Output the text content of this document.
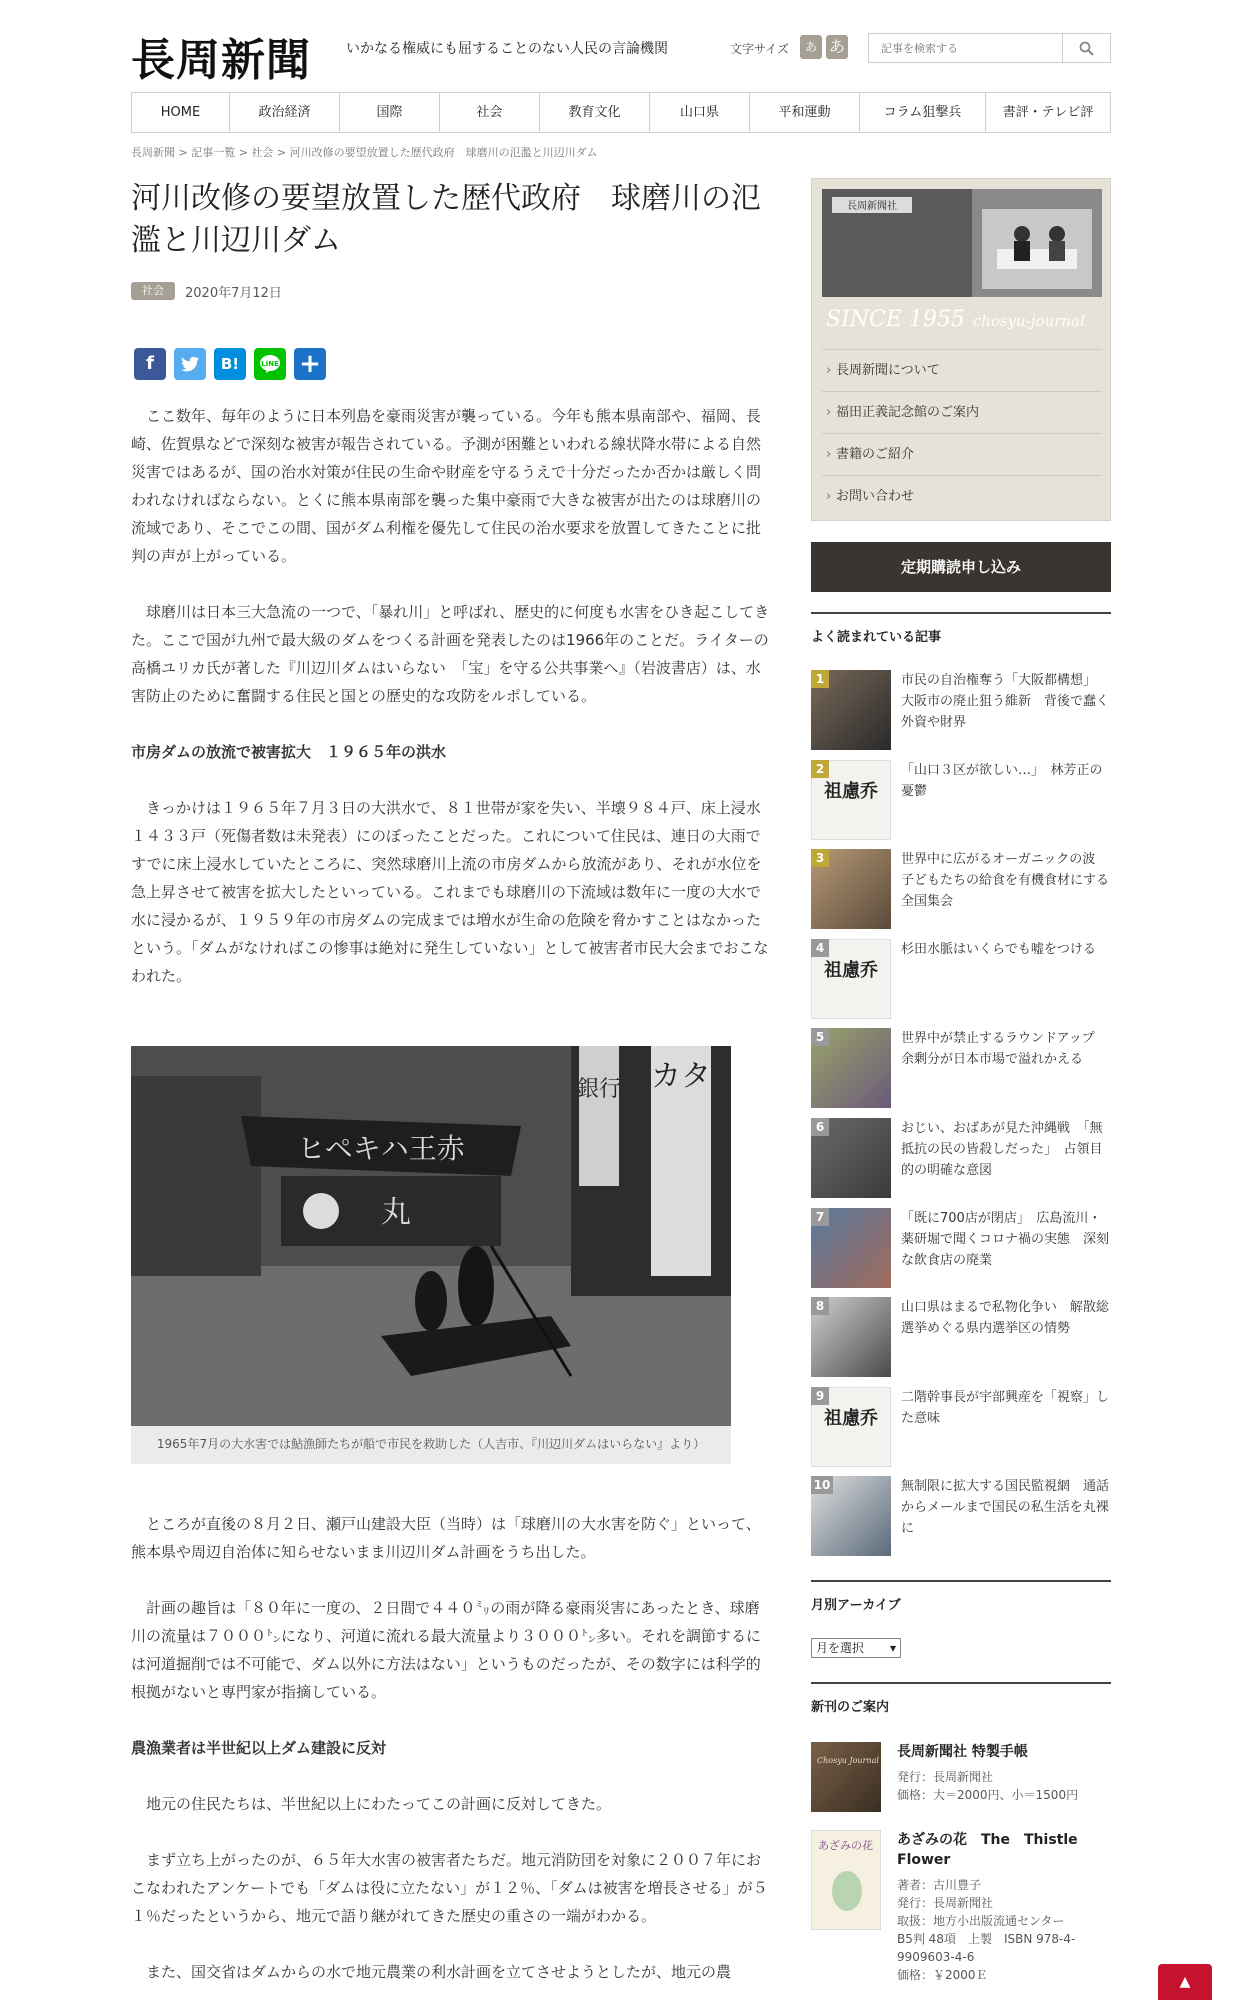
長周新聞	いかなる権威にも屈することのない人民の言論機関	文字サイズ	あ あ
記事を検索する
HOME	政治経済	国際	社会	教育文化	山口県	平和運動	コラム狙撃兵	書評・テレビ評
長周新聞 > 記事一覧 > 社会 > 河川改修の要望放置した歴代政府　球磨川の氾濫と川辺川ダム
河川改修の要望放置した歴代政府　球磨川の氾濫と川辺川ダム
社会	2020年7月12日
f	B!	LINE +

ここ数年、毎年のように日本列島を豪雨災害が襲っている。今年も熊本県南部や、福岡、長崎、佐賀県などで深刻な被害が報告されている。予測が困難といわれる線状降水帯による自然災害ではあるが、国の治水対策が住民の生命や財産を守るうえで十分だったか否かは厳しく問われなければならない。とくに熊本県南部を襲った集中豪雨で大きな被害が出たのは球磨川の流域であり、そこでこの間、国がダム利権を優先して住民の治水要求を放置してきたことに批判の声が上がっている。

球磨川は日本三大急流の一つで、「暴れ川」と呼ばれ、歴史的に何度も水害をひき起こしてきた。ここで国が九州で最大級のダムをつくる計画を発表したのは1966年のことだ。ライターの高橋ユリカ氏が著した『川辺川ダムはいらない　「宝」を守る公共事業へ』（岩波書店）は、水害防止のために奮闘する住民と国との歴史的な攻防をルポしている。

市房ダムの放流で被害拡大　１９６５年の洪水

きっかけは１９６５年７月３日の大洪水で、８１世帯が家を失い、半壊９８４戸、床上浸水１４３３戸（死傷者数は未発表）にのぼったことだった。これについて住民は、連日の大雨ですでに床上浸水していたところに、突然球磨川上流の市房ダムから放流があり、それが水位を急上昇させて被害を拡大したといっている。これまでも球磨川の下流域は数年に一度の大水で水に浸かるが、１９５９年の市房ダムの完成までは増水が生命の危険を脅かすことはなかったという。「ダムがなければこの惨事は絶対に発生していない」として被害者市民大会までおこなわれた。

カタ
銀行
ヒペキハ王赤
丸
1965年7月の大水害では鮎漁師たちが船で市民を救助した（人吉市、『川辺川ダムはいらない』より）

ところが直後の８月２日、瀬戸山建設大臣（当時）は「球磨川の大水害を防ぐ」といって、熊本県や周辺自治体に知らせないまま川辺川ダム計画をうち出した。

計画の趣旨は「８０年に一度の、２日間で４４０㍉の雨が降る豪雨災害にあったとき、球磨川の流量は７０００㌧になり、河道に流れる最大流量より３０００㌧多い。それを調節するには河道掘削では不可能で、ダム以外に方法はない」というものだったが、その数字には科学的根拠がないと専門家が指摘している。

農漁業者は半世紀以上ダム建設に反対

地元の住民たちは、半世紀以上にわたってこの計画に反対してきた。

まず立ち上がったのが、６５年大水害の被害者たちだ。地元消防団を対象に２００７年におこなわれたアンケートでも「ダムは役に立たない」が１２％、「ダムは被害を増長させる」が５１％だったというから、地元で語り継がれてきた歴史の重さの一端がわかる。

また、国交省はダムからの水で地元農業の利水計画を立てさせようとしたが、地元の農

長周新聞社
SINCE 1955 chosyu-journal
› 長周新聞について
› 福田正義記念館のご案内
› 書籍のご紹介
› お問い合わせ
定期購読申し込み
よく読まれている記事
1	市民の自治権奪う「大阪都構想」　大阪市の廃止狙う維新　背後で蠢く外資や財界
祖慮乔
2	「山口３区が欲しい…」　林芳正の憂鬱
3	世界中に広がるオーガニックの波　子どもたちの給食を有機食材にする全国集会
祖慮乔
4	杉田水脈はいくらでも嘘をつける
5	世界中が禁止するラウンドアップ　余剰分が日本市場で溢れかえる
6	おじい、おばあが見た沖縄戦　「無抵抗の民の皆殺しだった」　占領目的の明確な意図
7	「既に700店が閉店」　広島流川・薬研堀で聞くコロナ禍の実態　深刻な飲食店の廃業
8	山口県はまるで私物化争い　解散総選挙めぐる県内選挙区の情勢
祖慮乔
9	二階幹事長が宇部興産を「視察」した意味
10	無制限に拡大する国民監視網　通話からメールまで国民の私生活を丸裸に
月別アーカイブ
月を選択 ▾
新刊のご案内
Chosyu Journal
長周新聞社 特製手帳
発行：長周新聞社
価格：大＝2000円、小＝1500円
あざみの花	あざみの花　The　Thistle　Flower
著者：古川豊子
発行：長周新聞社
取扱：地方小出版流通センター
B5判 48項　上製　ISBN 978-4-9909603-4-6
価格：￥2000Ｅ	▲
